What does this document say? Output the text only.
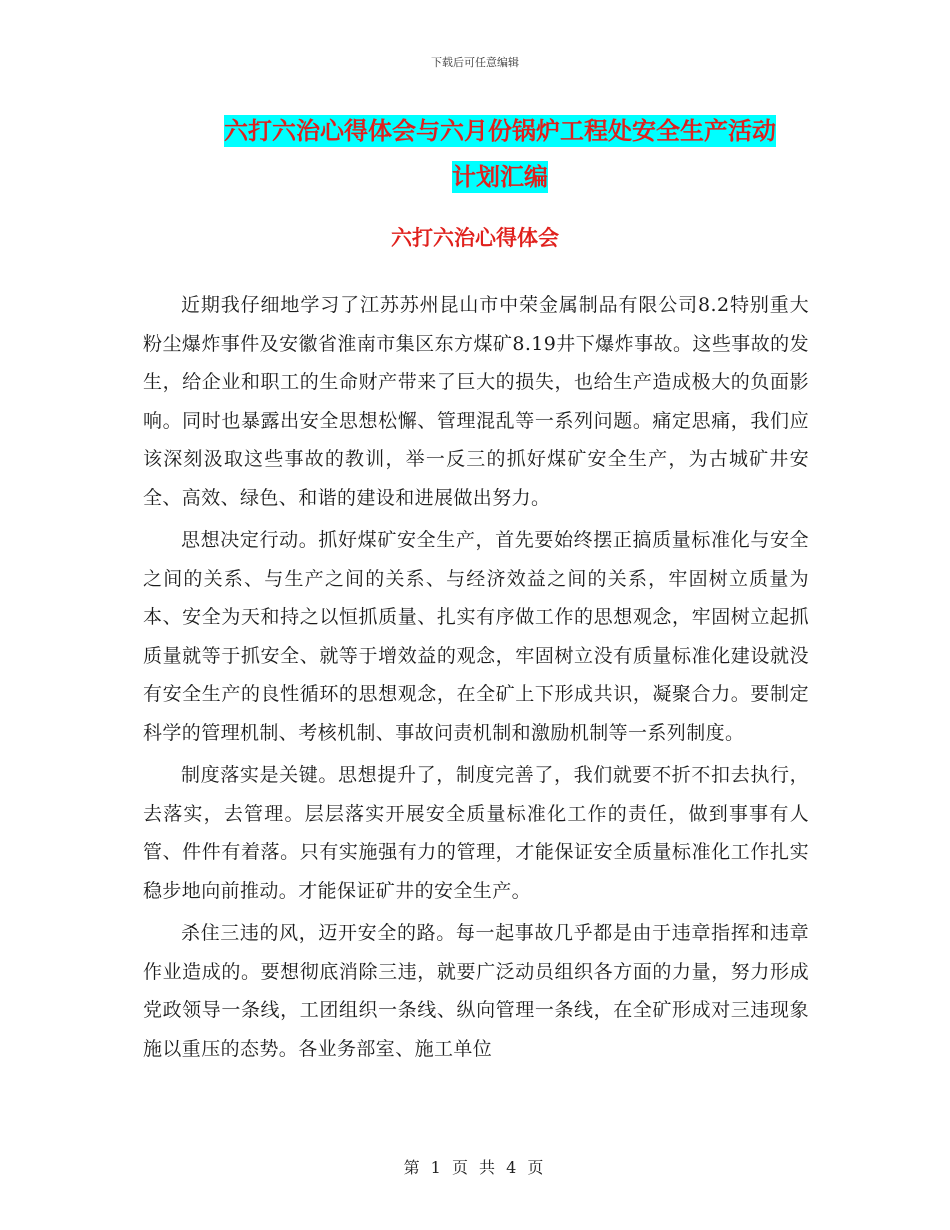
下载后可任意编辑
六打六治心得体会与六月份锅炉工程处安全生产活动
计划汇编
六打六治心得体会

近期我仔细地学习了江苏苏州昆山市中荣金属制品有限公司8.2特别重大粉尘爆炸事件及安徽省淮南市集区东方煤矿8.19井下爆炸事故。这些事故的发生，给企业和职工的生命财产带来了巨大的损失，也给生产造成极大的负面影响。同时也暴露出安全思想松懈、管理混乱等一系列问题。痛定思痛，我们应该深刻汲取这些事故的教训，举一反三的抓好煤矿安全生产，为古城矿井安全、高效、绿色、和谐的建设和进展做出努力。

思想决定行动。抓好煤矿安全生产，首先要始终摆正搞质量标准化与安全之间的关系、与生产之间的关系、与经济效益之间的关系，牢固树立质量为本、安全为天和持之以恒抓质量、扎实有序做工作的思想观念，牢固树立起抓质量就等于抓安全、就等于增效益的观念，牢固树立没有质量标准化建设就没有安全生产的良性循环的思想观念，在全矿上下形成共识，凝聚合力。要制定科学的管理机制、考核机制、事故问责机制和激励机制等一系列制度。

制度落实是关键。思想提升了，制度完善了，我们就要不折不扣去执行，去落实，去管理。层层落实开展安全质量标准化工作的责任，做到事事有人管、件件有着落。只有实施强有力的管理，才能保证安全质量标准化工作扎实稳步地向前推动。才能保证矿井的安全生产。

杀住三违的风，迈开安全的路。每一起事故几乎都是由于违章指挥和违章作业造成的。要想彻底消除三违，就要广泛动员组织各方面的力量，努力形成党政领导一条线，工团组织一条线、纵向管理一条线，在全矿形成对三违现象施以重压的态势。各业务部室、施工单位

第 1 页 共 4 页
